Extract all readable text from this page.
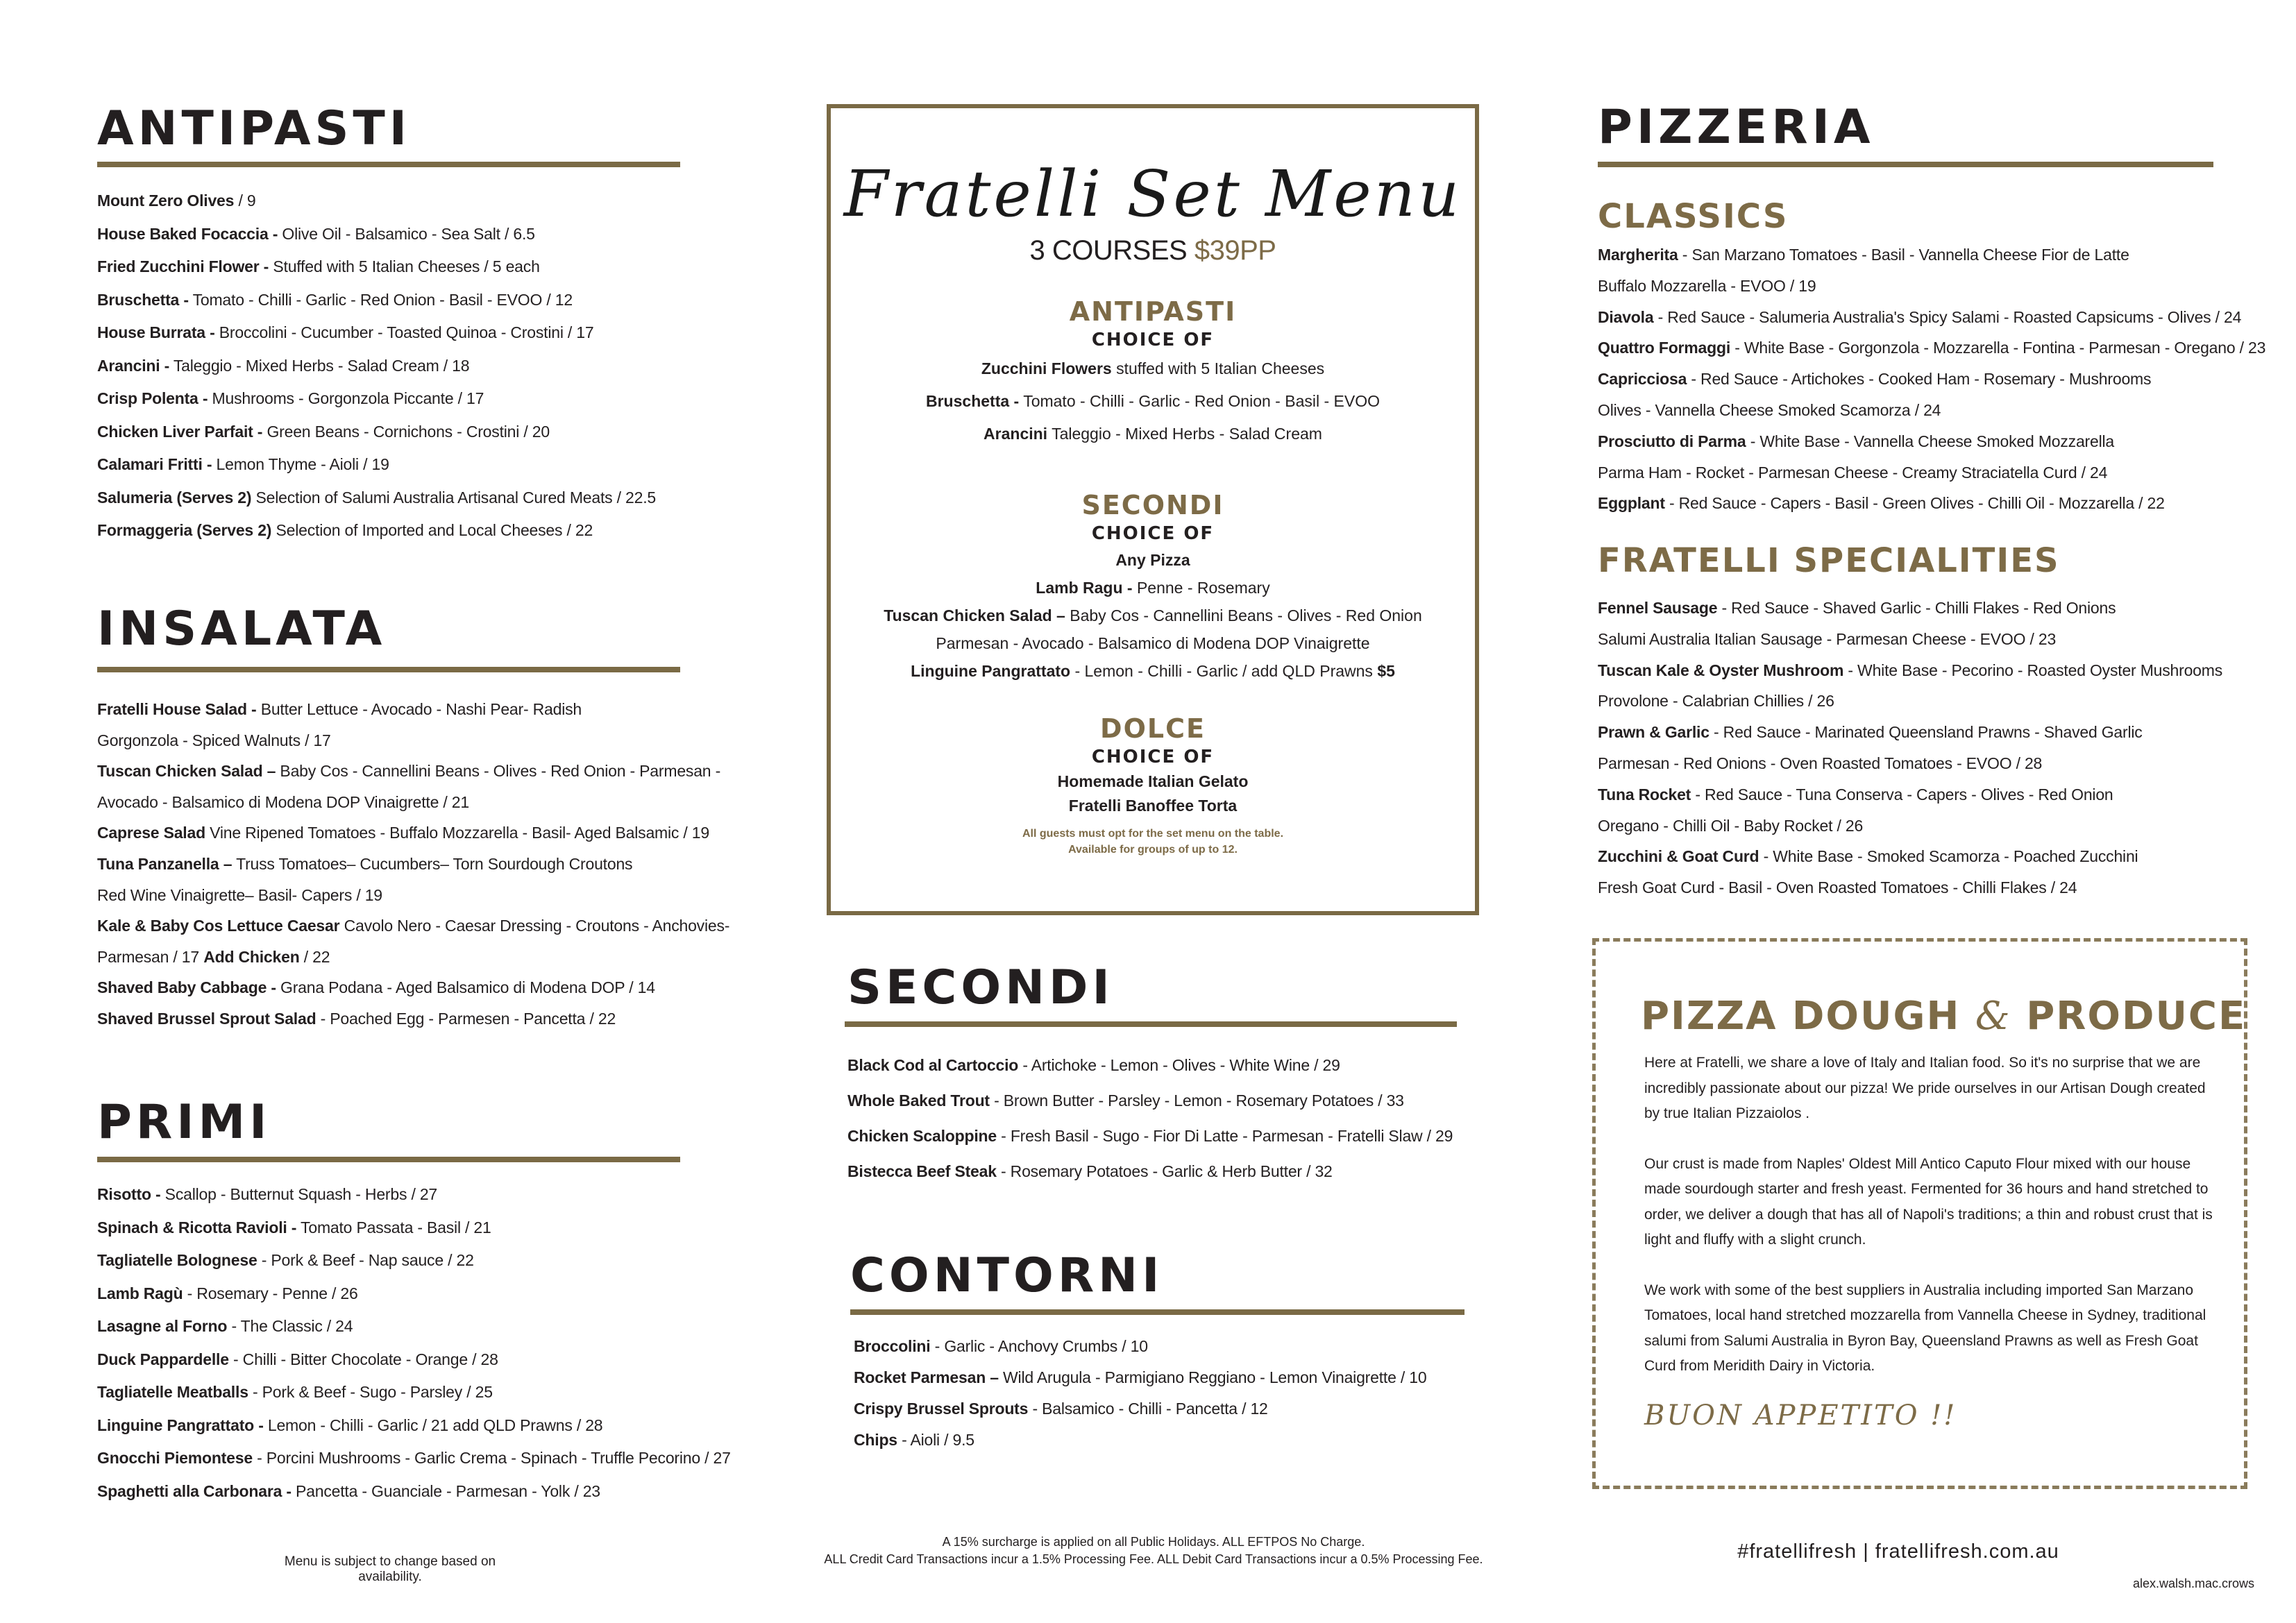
ANTIPASTI
Mount Zero Olives / 9
House Baked Focaccia - Olive Oil - Balsamico - Sea Salt / 6.5
Fried Zucchini Flower - Stuffed with 5 Italian Cheeses / 5 each
Bruschetta - Tomato - Chilli - Garlic - Red Onion - Basil - EVOO / 12
House Burrata - Broccolini - Cucumber - Toasted Quinoa - Crostini / 17
Arancini - Taleggio - Mixed Herbs - Salad Cream / 18
Crisp Polenta - Mushrooms - Gorgonzola Piccante / 17
Chicken Liver Parfait - Green Beans - Cornichons - Crostini / 20
Calamari Fritti - Lemon Thyme - Aioli / 19
Salumeria (Serves 2) Selection of Salumi Australia Artisanal Cured Meats / 22.5
Formaggeria (Serves 2) Selection of Imported and Local Cheeses / 22
INSALATA
Fratelli House Salad - Butter Lettuce - Avocado - Nashi Pear- Radish
Gorgonzola - Spiced Walnuts / 17
Tuscan Chicken Salad – Baby Cos - Cannellini Beans - Olives - Red Onion - Parmesan -
Avocado - Balsamico di Modena DOP Vinaigrette / 21
Caprese Salad Vine Ripened Tomatoes - Buffalo Mozzarella - Basil- Aged Balsamic / 19
Tuna Panzanella – Truss Tomatoes– Cucumbers– Torn Sourdough Croutons
Red Wine Vinaigrette– Basil- Capers / 19
Kale & Baby Cos Lettuce Caesar Cavolo Nero - Caesar Dressing - Croutons - Anchovies-
Parmesan / 17 Add Chicken / 22
Shaved Baby Cabbage - Grana Podana - Aged Balsamico di Modena DOP / 14
Shaved Brussel Sprout Salad - Poached Egg - Parmesen - Pancetta / 22
PRIMI
Risotto - Scallop - Butternut Squash - Herbs / 27
Spinach & Ricotta Ravioli - Tomato Passata - Basil / 21
Tagliatelle Bolognese - Pork & Beef - Nap sauce / 22
Lamb Ragù - Rosemary - Penne / 26
Lasagne al Forno - The Classic / 24
Duck Pappardelle - Chilli - Bitter Chocolate - Orange / 28
Tagliatelle Meatballs - Pork & Beef - Sugo - Parsley / 25
Linguine Pangrattato - Lemon - Chilli - Garlic / 21 add QLD Prawns / 28
Gnocchi Piemontese - Porcini Mushrooms - Garlic Crema - Spinach - Truffle Pecorino / 27
Spaghetti alla Carbonara - Pancetta - Guanciale - Parmesan - Yolk / 23
Menu is subject to change based on availability.
Fratelli Set Menu
3 COURSES $39PP
ANTIPASTI
CHOICE OF
Zucchini Flowers stuffed with 5 Italian Cheeses
Bruschetta - Tomato - Chilli - Garlic - Red Onion - Basil - EVOO
Arancini Taleggio - Mixed Herbs - Salad Cream
SECONDI
CHOICE OF
Any Pizza
Lamb Ragu - Penne - Rosemary
Tuscan Chicken Salad – Baby Cos - Cannellini Beans - Olives - Red Onion
Parmesan - Avocado - Balsamico di Modena DOP Vinaigrette
Linguine Pangrattato - Lemon - Chilli - Garlic / add QLD Prawns $5
DOLCE
CHOICE OF
Homemade Italian Gelato
Fratelli Banoffee Torta
All guests must opt for the set menu on the table.
Available for groups of up to 12.
SECONDI
Black Cod al Cartoccio - Artichoke - Lemon - Olives - White Wine / 29
Whole Baked Trout - Brown Butter - Parsley - Lemon - Rosemary Potatoes / 33
Chicken Scaloppine - Fresh Basil - Sugo - Fior Di Latte - Parmesan - Fratelli Slaw / 29
Bistecca Beef Steak - Rosemary Potatoes - Garlic & Herb Butter / 32
CONTORNI
Broccolini - Garlic - Anchovy Crumbs / 10
Rocket Parmesan – Wild Arugula - Parmigiano Reggiano - Lemon Vinaigrette / 10
Crispy Brussel Sprouts - Balsamico - Chilli - Pancetta / 12
Chips - Aioli / 9.5
A 15% surcharge is applied on all Public Holidays. ALL EFTPOS No Charge.
ALL Credit Card Transactions incur a 1.5% Processing Fee. ALL Debit Card Transactions incur a 0.5% Processing Fee.
PIZZERIA
CLASSICS
Margherita - San Marzano Tomatoes - Basil - Vannella Cheese Fior de Latte
Buffalo Mozzarella - EVOO / 19
Diavola - Red Sauce - Salumeria Australia's Spicy Salami - Roasted Capsicums - Olives / 24
Quattro Formaggi - White Base - Gorgonzola - Mozzarella - Fontina - Parmesan - Oregano / 23
Capricciosa - Red Sauce - Artichokes - Cooked Ham - Rosemary - Mushrooms
Olives - Vannella Cheese Smoked Scamorza / 24
Prosciutto di Parma - White Base - Vannella Cheese Smoked Mozzarella
Parma Ham - Rocket - Parmesan Cheese - Creamy Straciatella Curd / 24
Eggplant - Red Sauce - Capers - Basil - Green Olives - Chilli Oil - Mozzarella / 22
FRATELLI SPECIALITIES
Fennel Sausage - Red Sauce - Shaved Garlic - Chilli Flakes - Red Onions
Salumi Australia Italian Sausage - Parmesan Cheese - EVOO / 23
Tuscan Kale & Oyster Mushroom - White Base - Pecorino - Roasted Oyster Mushrooms
Provolone - Calabrian Chillies / 26
Prawn & Garlic - Red Sauce - Marinated Queensland Prawns - Shaved Garlic
Parmesan - Red Onions - Oven Roasted Tomatoes - EVOO / 28
Tuna Rocket - Red Sauce - Tuna Conserva - Capers - Olives - Red Onion
Oregano - Chilli Oil - Baby Rocket / 26
Zucchini & Goat Curd - White Base - Smoked Scamorza - Poached Zucchini
Fresh Goat Curd - Basil - Oven Roasted Tomatoes - Chilli Flakes / 24
PIZZA DOUGH & PRODUCE

Here at Fratelli, we share a love of Italy and Italian food. So it's no surprise that we are incredibly passionate about our pizza! We pride ourselves in our Artisan Dough created by true Italian Pizzaiolos .

Our crust is made from Naples' Oldest Mill Antico Caputo Flour mixed with our house made sourdough starter and fresh yeast. Fermented for 36 hours and hand stretched to order, we deliver a dough that has all of Napoli's traditions; a thin and robust crust that is light and fluffy with a slight crunch.

We work with some of the best suppliers in Australia including imported San Marzano Tomatoes, local hand stretched mozzarella from Vannella Cheese in Sydney, traditional salumi from Salumi Australia in Byron Bay, Queensland Prawns as well as Fresh Goat Curd from Meridith Dairy in Victoria.

BUON APPETITO !!
#fratellifresh | fratellifresh.com.au
alex.walsh.mac.crows
